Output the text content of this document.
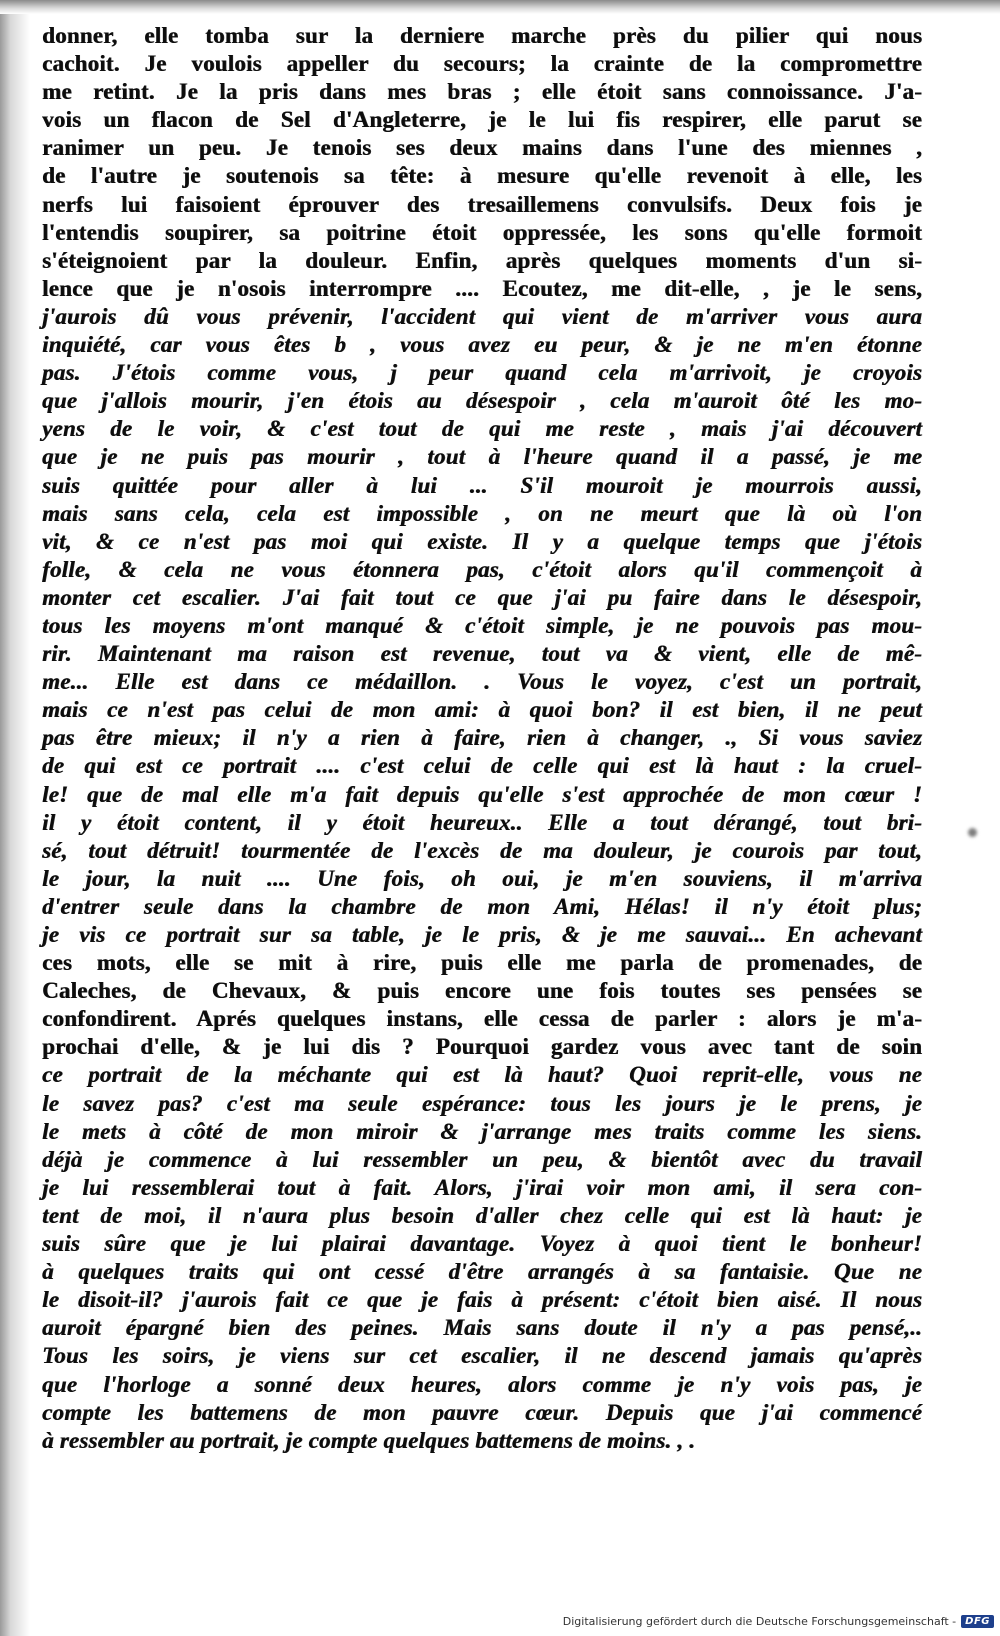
donner, elle tomba sur la derniere marche près du pilier qui nous
cachoit. Je voulois appeller du secours; la crainte de la compromettre
me retint. Je la pris dans mes bras ; elle étoit sans connoissance. J'a-
vois un flacon de Sel d'Angleterre, je le lui fis respirer, elle parut se
ranimer un peu. Je tenois ses deux mains dans l'une des miennes ,
de l'autre je soutenois sa tête: à mesure qu'elle revenoit à elle, les
nerfs lui faisoient éprouver des tresaillemens convulsifs. Deux fois je
l'entendis soupirer, sa poitrine étoit oppressée, les sons qu'elle formoit
s'éteignoient par la douleur. Enfin, après quelques moments d'un si-
lence que je n'osois interrompre .... Ecoutez, me dit-elle, , je le sens,
j'aurois dû vous prévenir, l'accident qui vient de m'arriver vous aura
inquiété, car vous êtes b , vous avez eu peur, & je ne m'en étonne
pas. J'étois comme vous, j peur quand cela m'arrivoit, je croyois
que j'allois mourir, j'en étois au désespoir , cela m'auroit ôté les mo-
yens de le voir, & c'est tout de qui me reste , mais j'ai découvert
que je ne puis pas mourir , tout à l'heure quand il a passé, je me
suis quittée pour aller à lui ... S'il mouroit je mourrois aussi,
mais sans cela, cela est impossible , on ne meurt que là où l'on
vit, & ce n'est pas moi qui existe. Il y a quelque temps que j'étois
folle, & cela ne vous étonnera pas, c'étoit alors qu'il commençoit à
monter cet escalier. J'ai fait tout ce que j'ai pu faire dans le désespoir,
tous les moyens m'ont manqué & c'étoit simple, je ne pouvois pas mou-
rir. Maintenant ma raison est revenue, tout va & vient, elle de mê-
me... Elle est dans ce médaillon. . Vous le voyez, c'est un portrait,
mais ce n'est pas celui de mon ami: à quoi bon? il est bien, il ne peut
pas être mieux; il n'y a rien à faire, rien à changer, ., Si vous saviez
de qui est ce portrait .... c'est celui de celle qui est là haut : la cruel-
le! que de mal elle m'a fait depuis qu'elle s'est approchée de mon cœur !
il y étoit content, il y étoit heureux.. Elle a tout dérangé, tout bri-
sé, tout détruit! tourmentée de l'excès de ma douleur, je courois par tout,
le jour, la nuit .... Une fois, oh oui, je m'en souviens, il m'arriva
d'entrer seule dans la chambre de mon Ami, Hélas! il n'y étoit plus;
je vis ce portrait sur sa table, je le pris, & je me sauvai... En achevant
ces mots, elle se mit à rire, puis elle me parla de promenades, de
Caleches, de Chevaux, & puis encore une fois toutes ses pensées se
confondirent. Aprés quelques instans, elle cessa de parler : alors je m'a-
prochai d'elle, & je lui dis ? Pourquoi gardez vous avec tant de soin
ce portrait de la méchante qui est là haut? Quoi reprit-elle, vous ne
le savez pas? c'est ma seule espérance: tous les jours je le prens, je
le mets à côté de mon miroir & j'arrange mes traits comme les siens.
déjà je commence à lui ressembler un peu, & bientôt avec du travail
je lui ressemblerai tout à fait. Alors, j'irai voir mon ami, il sera con-
tent de moi, il n'aura plus besoin d'aller chez celle qui est là haut: je
suis sûre que je lui plairai davantage. Voyez à quoi tient le bonheur!
à quelques traits qui ont cessé d'être arrangés à sa fantaisie. Que ne
le disoit-il? j'aurois fait ce que je fais à présent: c'étoit bien aisé. Il nous
auroit épargné bien des peines. Mais sans doute il n'y a pas pensé,..
Tous les soirs, je viens sur cet escalier, il ne descend jamais qu'après
que l'horloge a sonné deux heures, alors comme je n'y vois pas, je
compte les battemens de mon pauvre cœur. Depuis que j'ai commencé
à ressembler au portrait, je compte quelques battemens de moins. , .
Digitalisierung gefördert durch die Deutsche Forschungsgemeinschaft - DFG
